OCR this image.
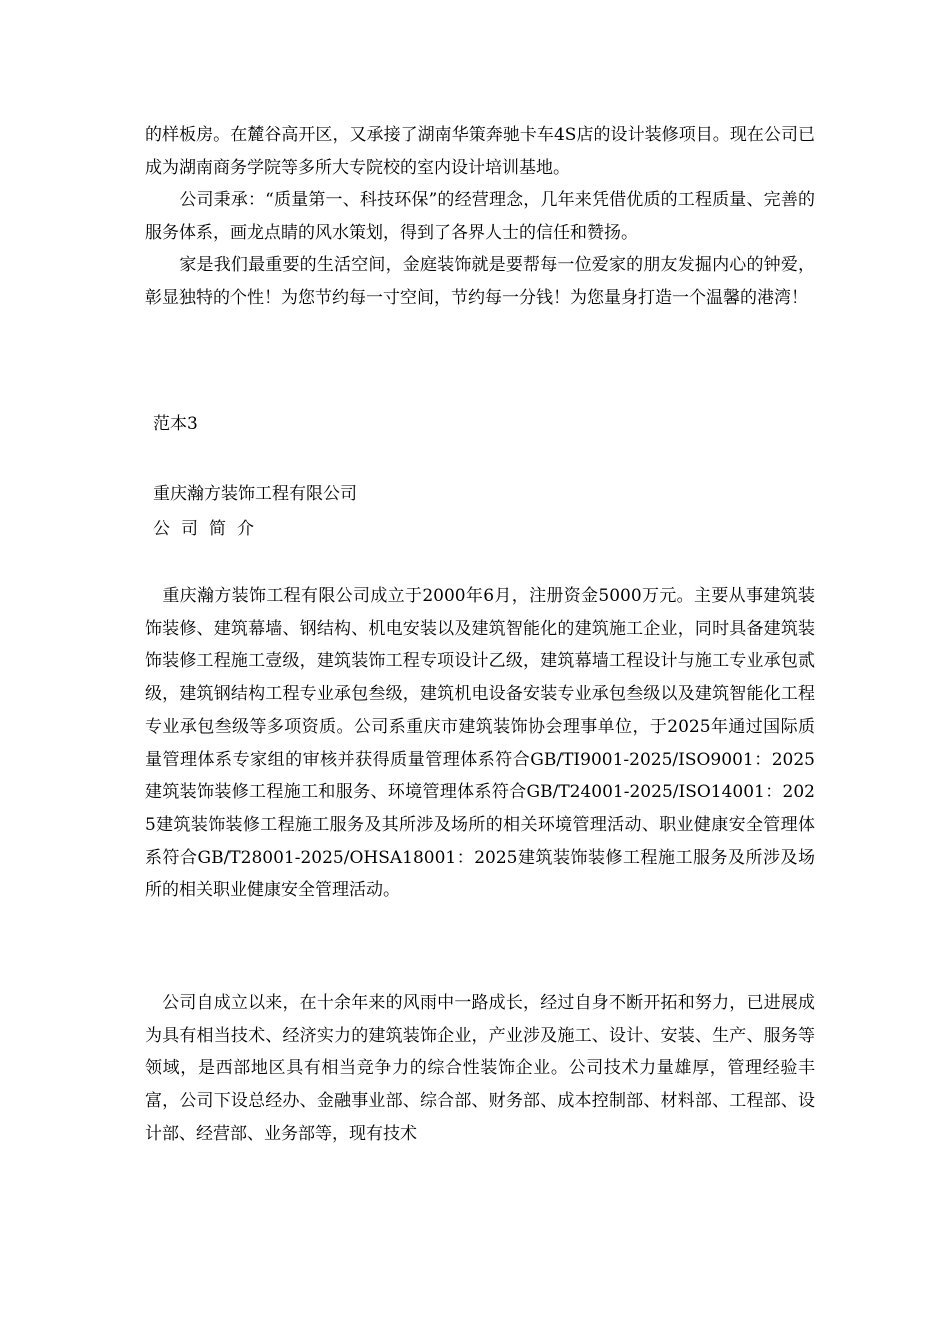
的样板房。在麓谷高开区，又承接了湖南华策奔驰卡车4S店的设计装修项目。现在公司已成为湖南商务学院等多所大专院校的室内设计培训基地。

　　公司秉承：“质量第一、科技环保”的经营理念，几年来凭借优质的工程质量、完善的服务体系，画龙点睛的风水策划，得到了各界人士的信任和赞扬。

　　家是我们最重要的生活空间，金庭装饰就是要帮每一位爱家的朋友发掘内心的钟爱，彰显独特的个性！为您节约每一寸空间，节约每一分钱！为您量身打造一个温馨的港湾！

范本3
重庆瀚方装饰工程有限公司
公司简介

　重庆瀚方装饰工程有限公司成立于2000年6月，注册资金5000万元。主要从事建筑装饰装修、建筑幕墙、钢结构、机电安装以及建筑智能化的建筑施工企业，同时具备建筑装饰装修工程施工壹级，建筑装饰工程专项设计乙级，建筑幕墙工程设计与施工专业承包贰级，建筑钢结构工程专业承包叁级，建筑机电设备安装专业承包叁级以及建筑智能化工程专业承包叁级等多项资质。公司系重庆市建筑装饰协会理事单位，于2025年通过国际质量管理体系专家组的审核并获得质量管理体系符合GB/TI9001-2025/ISO9001：2025建筑装饰装修工程施工和服务、环境管理体系符合GB/T24001-2025/ISO14001：2025建筑装饰装修工程施工服务及其所涉及场所的相关环境管理活动、职业健康安全管理体系符合GB/T28001-2025/OHSA18001：2025建筑装饰装修工程施工服务及所涉及场所的相关职业健康安全管理活动。

　公司自成立以来，在十余年来的风雨中一路成长，经过自身不断开拓和努力，已进展成为具有相当技术、经济实力的建筑装饰企业，产业涉及施工、设计、安装、生产、服务等领域，是西部地区具有相当竞争力的综合性装饰企业。公司技术力量雄厚，管理经验丰富，公司下设总经办、金融事业部、综合部、财务部、成本控制部、材料部、工程部、设计部、经营部、业务部等，现有技术
